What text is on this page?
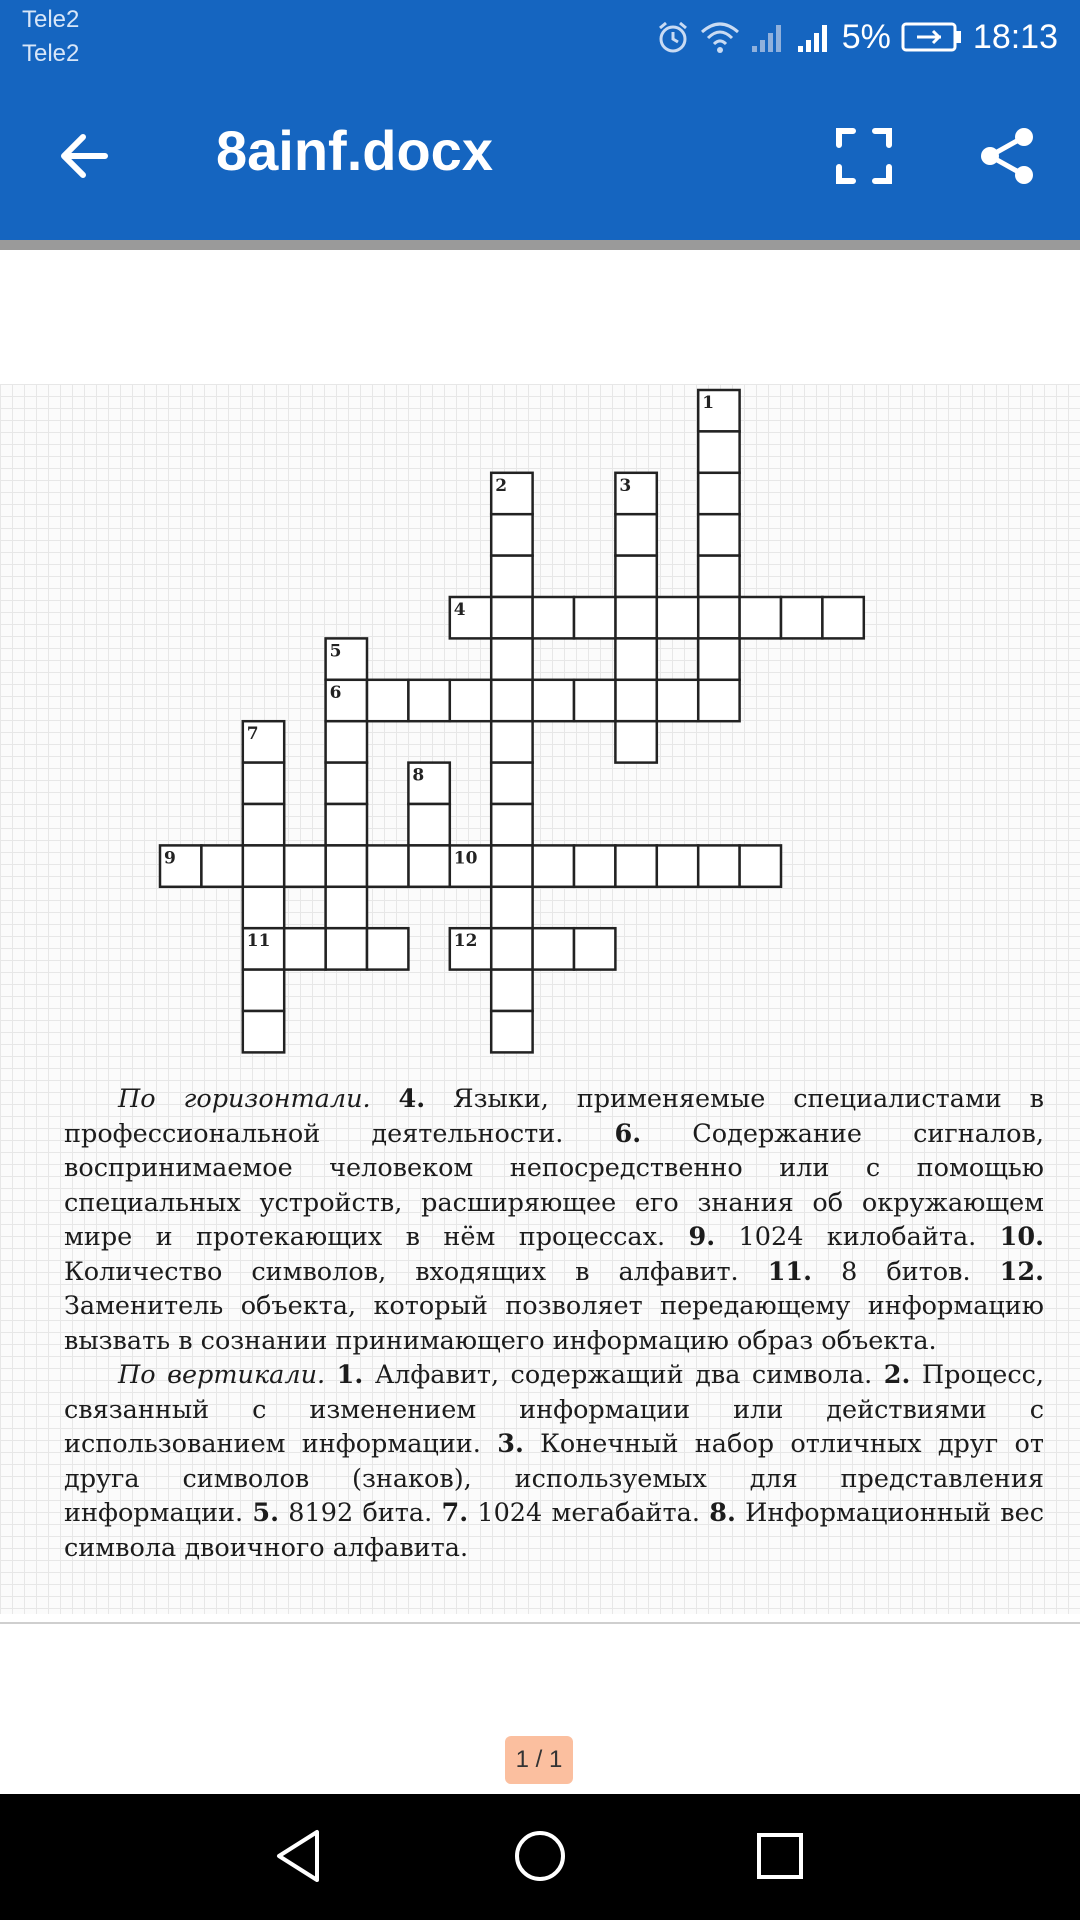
Tele2
Tele2	5% 18:13
8ainf.docx
1
2	3
4
5
6
7
8
9	10
11	12

По горизонтали. 4. Языки, применяемые специалистами в профессиональной деятельности. 6. Содержание сигналов, воспринимаемое человеком непосредственно или с помощью специальных устройств, расширяющее его знания об окружающем мире и протекающих в нём процессах. 9. 1024 килобайта. 10. Количество символов, входящих в алфавит. 11. 8 битов. 12. Заменитель объекта, который позволяет передающему информацию вызвать в сознании принимающего информацию образ объекта.

По вертикали. 1. Алфавит, содержащий два символа. 2. Процесс, связанный с изменением информации или действиями с использованием информации. 3. Конечный набор отличных друг от друга символов (знаков), используемых для представления информации. 5. 8192 бита. 7. 1024 мегабайта. 8. Информационный вес символа двоичного алфавита.

1 / 1
